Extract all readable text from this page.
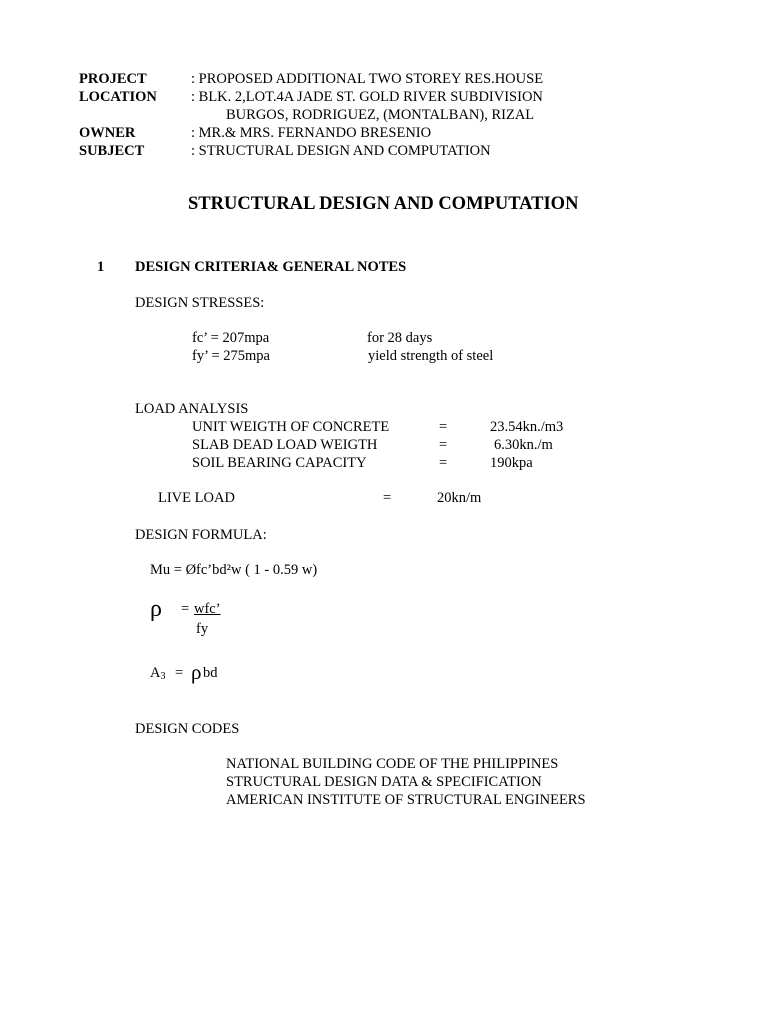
PROJECT	: PROPOSED ADDITIONAL TWO STOREY RES.HOUSE
LOCATION : BLK. 2,LOT.4A JADE ST. GOLD RIVER SUBDIVISION
BURGOS, RODRIGUEZ, (MONTALBAN), RIZAL
OWNER	: MR.& MRS. FERNANDO BRESENIO
SUBJECT	: STRUCTURAL DESIGN AND COMPUTATION
STRUCTURAL DESIGN AND COMPUTATION
1 DESIGN CRITERIA& GENERAL NOTES
DESIGN STRESSES:
fc’ = 207mpa	for 28 days
fy’ = 275mpa	yield strength of steel
LOAD ANALYSIS
UNIT WEIGTH OF CONCRETE	=	23.54kn./m3
SLAB DEAD LOAD WEIGTH	=	6.30kn./m
SOIL BEARING CAPACITY	=	190kpa
LIVE LOAD	=	20kn/m
DESIGN FORMULA:
Mu = Øfc’bd²w ( 1 - 0.59 w)
ρ = wfc’
fy
A3 = ρ bd
DESIGN CODES
NATIONAL BUILDING CODE OF THE PHILIPPINES
STRUCTURAL DESIGN DATA & SPECIFICATION
AMERICAN INSTITUTE OF STRUCTURAL ENGINEERS
